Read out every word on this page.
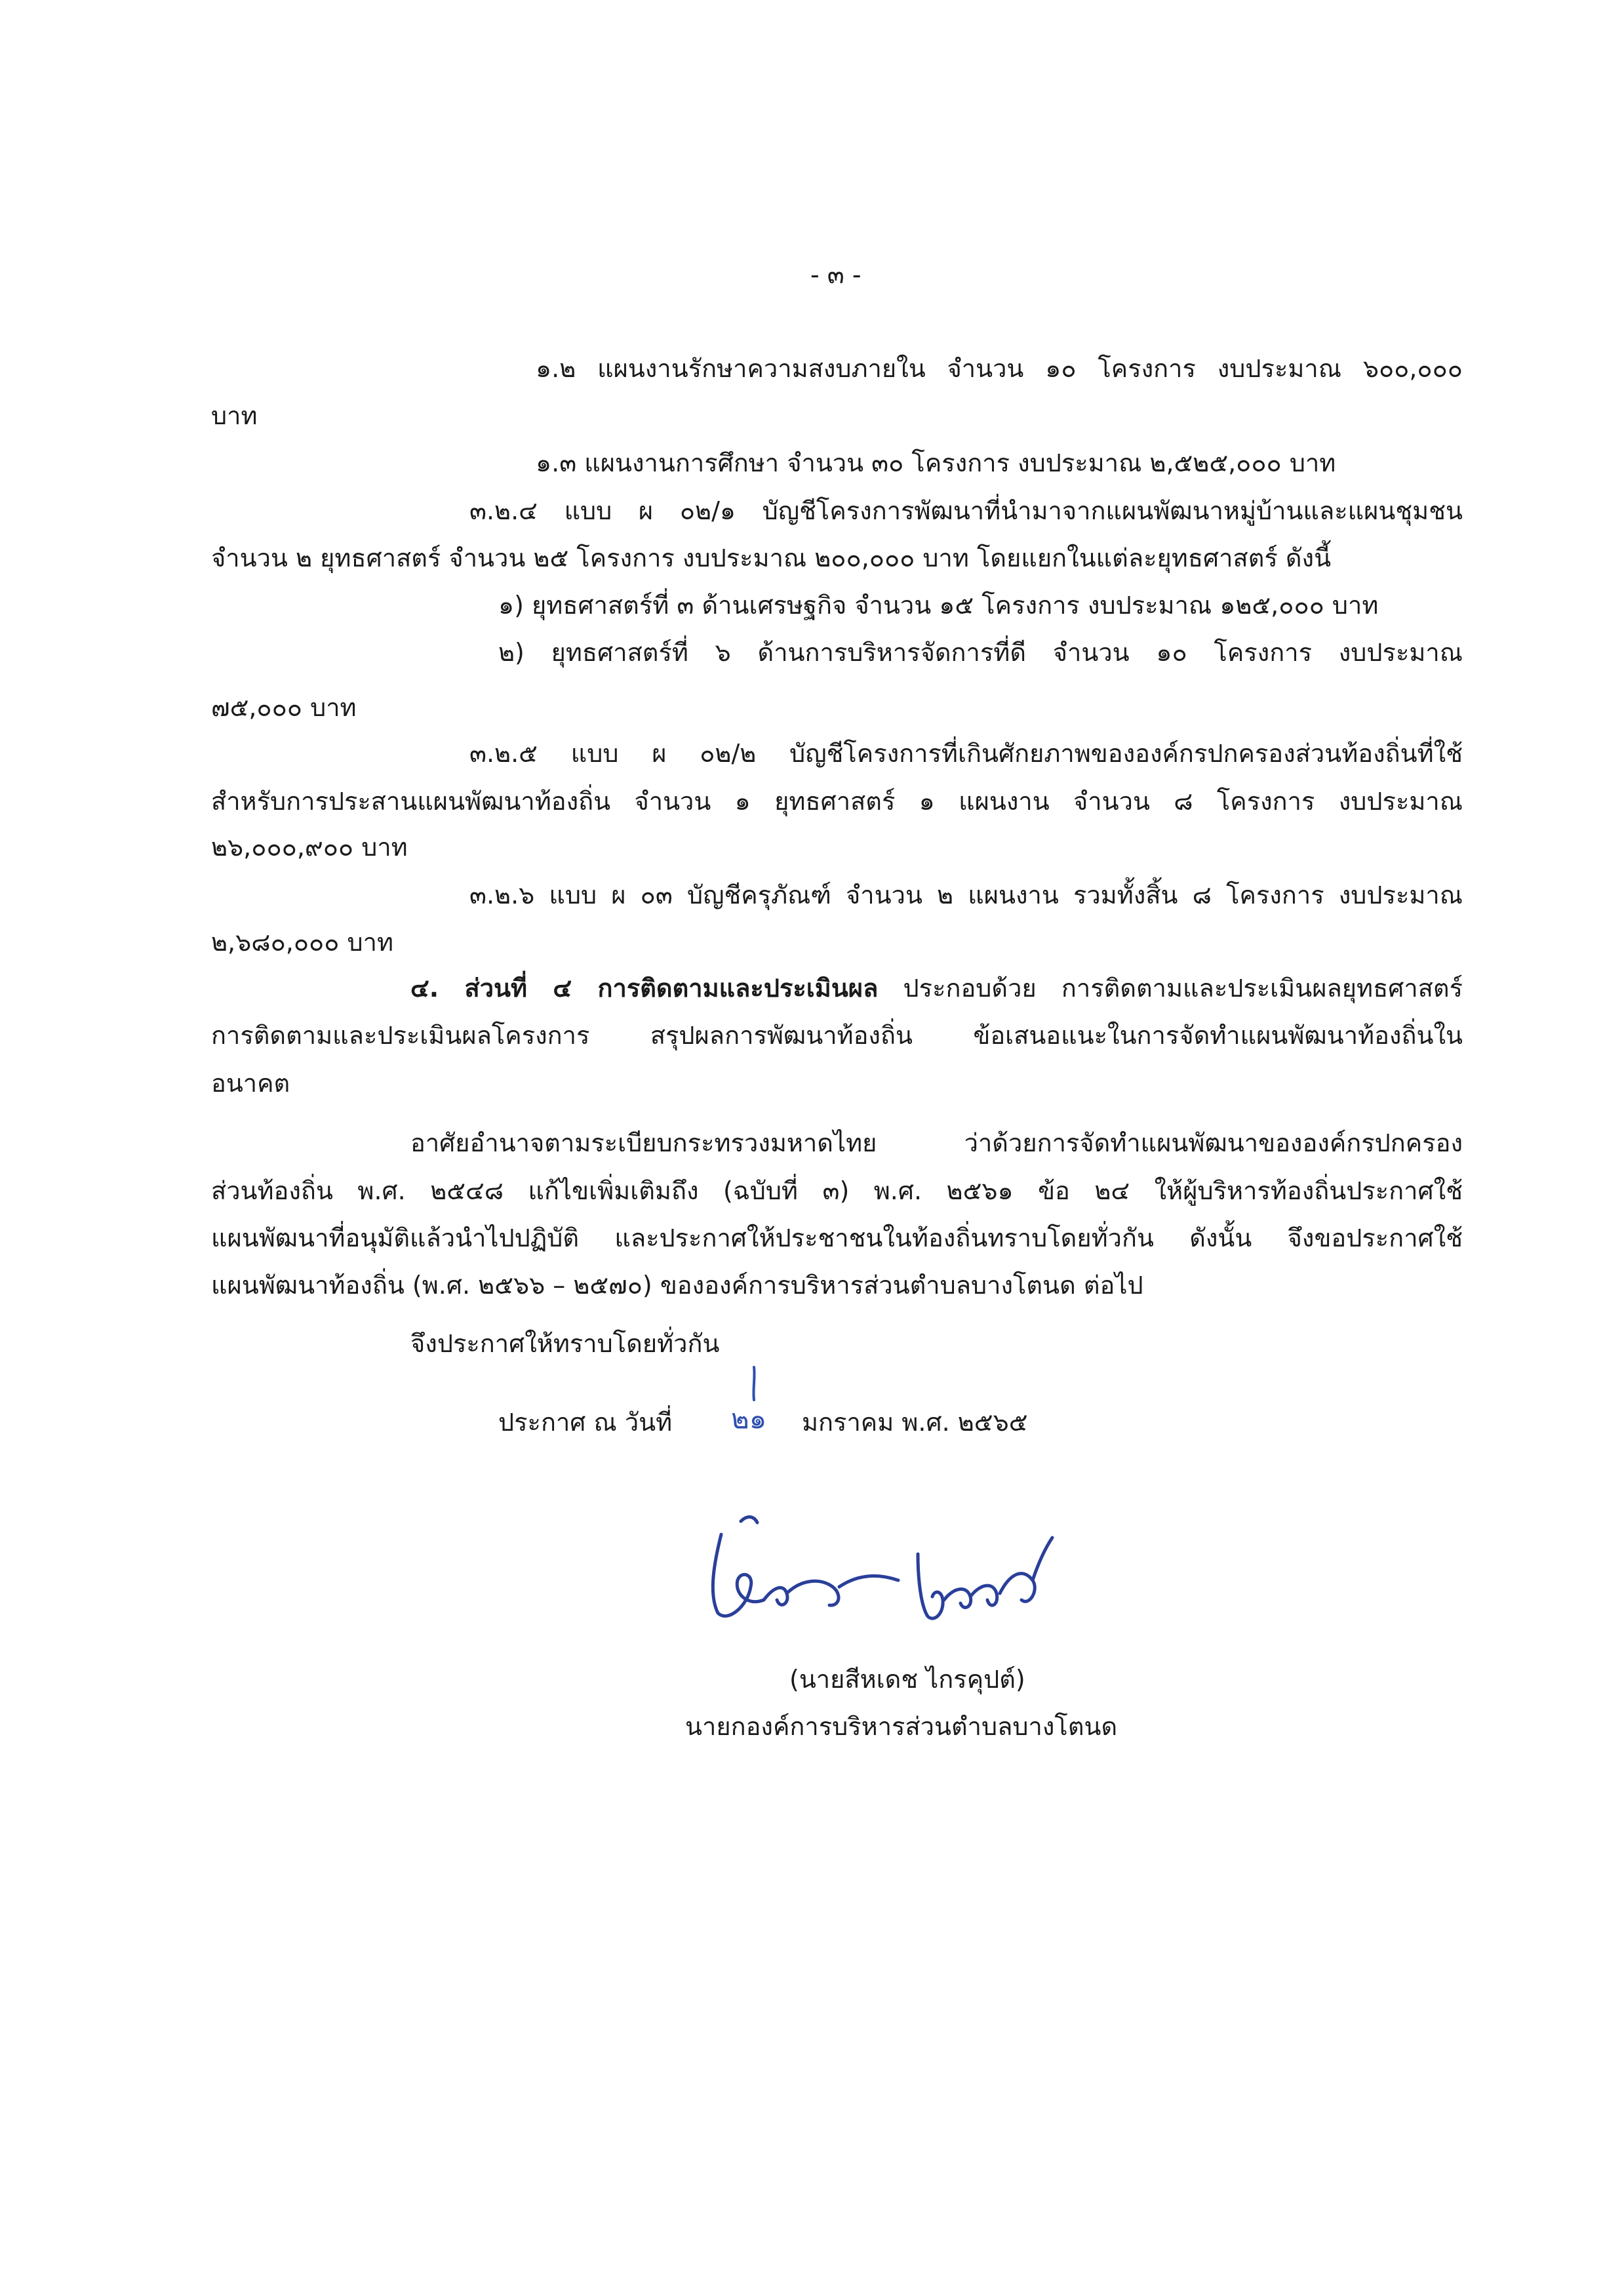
- ๓ -
๑.๒ แผนงานรักษาความสงบภายใน จำนวน ๑๐ โครงการ งบประมาณ ๖๐๐,๐๐๐
บาท
๑.๓ แผนงานการศึกษา จำนวน ๓๐ โครงการ งบประมาณ ๒,๕๒๕,๐๐๐ บาท
๓.๒.๔ แบบ ผ ๐๒/๑ บัญชีโครงการพัฒนาที่นำมาจากแผนพัฒนาหมู่บ้านและแผนชุมชน
จำนวน ๒ ยุทธศาสตร์ จำนวน ๒๕ โครงการ งบประมาณ ๒๐๐,๐๐๐ บาท โดยแยกในแต่ละยุทธศาสตร์ ดังนี้
๑) ยุทธศาสตร์ที่ ๓ ด้านเศรษฐกิจ จำนวน ๑๕ โครงการ งบประมาณ ๑๒๕,๐๐๐ บาท
๒) ยุทธศาสตร์ที่ ๖ ด้านการบริหารจัดการที่ดี จำนวน ๑๐ โครงการ งบประมาณ
๗๕,๐๐๐ บาท
๓.๒.๕ แบบ ผ ๐๒/๒ บัญชีโครงการที่เกินศักยภาพขององค์กรปกครองส่วนท้องถิ่นที่ใช้
สำหรับการประสานแผนพัฒนาท้องถิ่น จำนวน ๑ ยุทธศาสตร์ ๑ แผนงาน จำนวน ๘ โครงการ งบประมาณ
๒๖,๐๐๐,๙๐๐ บาท
๓.๒.๖ แบบ ผ ๐๓ บัญชีครุภัณฑ์ จำนวน ๒ แผนงาน รวมทั้งสิ้น ๘ โครงการ งบประมาณ
๒,๖๘๐,๐๐๐ บาท
๔. ส่วนที่ ๔ การติดตามและประเมินผล ประกอบด้วย การติดตามและประเมินผลยุทธศาสตร์
การติดตามและประเมินผลโครงการ สรุปผลการพัฒนาท้องถิ่น ข้อเสนอแนะในการจัดทำแผนพัฒนาท้องถิ่นใน
อนาคต
อาศัยอำนาจตามระเบียบกระทรวงมหาดไทย ว่าด้วยการจัดทำแผนพัฒนาขององค์กรปกครอง
ส่วนท้องถิ่น พ.ศ. ๒๕๔๘ แก้ไขเพิ่มเติมถึง (ฉบับที่ ๓) พ.ศ. ๒๕๖๑ ข้อ ๒๔ ให้ผู้บริหารท้องถิ่นประกาศใช้
แผนพัฒนาที่อนุมัติแล้วนำไปปฏิบัติ และประกาศให้ประชาชนในท้องถิ่นทราบโดยทั่วกัน ดังนั้น จึงขอประกาศใช้
แผนพัฒนาท้องถิ่น (พ.ศ. ๒๕๖๖ – ๒๕๗๐) ขององค์การบริหารส่วนตำบลบางโตนด ต่อไป
จึงประกาศให้ทราบโดยทั่วกัน
ประกาศ ณ วันที่ ๒๑ มกราคม พ.ศ. ๒๕๖๕
(นายสีหเดช ไกรคุปต์)
นายกองค์การบริหารส่วนตำบลบางโตนด
